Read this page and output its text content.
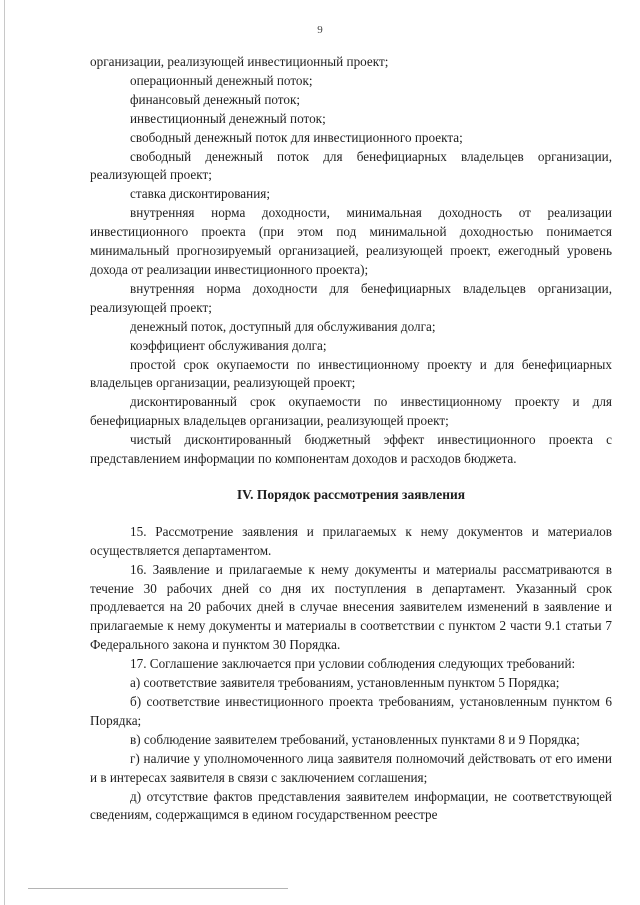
9

организации, реализующей инвестиционный проект;

операционный денежный поток;

финансовый денежный поток;

инвестиционный денежный поток;

свободный денежный поток для инвестиционного проекта;

свободный денежный поток для бенефициарных владельцев организации, реализующей проект;

ставка дисконтирования;

внутренняя норма доходности, минимальная доходность от реализации инвестиционного проекта (при этом под минимальной доходностью понимается минимальный прогнозируемый организацией, реализующей проект, ежегодный уровень дохода от реализации инвестиционного проекта);

внутренняя норма доходности для бенефициарных владельцев организации, реализующей проект;

денежный поток, доступный для обслуживания долга;

коэффициент обслуживания долга;

простой срок окупаемости по инвестиционному проекту и для бенефициарных владельцев организации, реализующей проект;

дисконтированный срок окупаемости по инвестиционному проекту и для бенефициарных владельцев организации, реализующей проект;

чистый дисконтированный бюджетный эффект инвестиционного проекта с представлением информации по компонентам доходов и расходов бюджета.

IV. Порядок рассмотрения заявления

15. Рассмотрение заявления и прилагаемых к нему документов и материалов осуществляется департаментом.

16. Заявление и прилагаемые к нему документы и материалы рассматриваются в течение 30 рабочих дней со дня их поступления в департамент. Указанный срок продлевается на 20 рабочих дней в случае внесения заявителем изменений в заявление и прилагаемые к нему документы и материалы в соответствии с пунктом 2 части 9.1 статьи 7 Федерального закона и пунктом 30 Порядка.

17. Соглашение заключается при условии соблюдения следующих требований:

а) соответствие заявителя требованиям, установленным пунктом 5 Порядка;

б) соответствие инвестиционного проекта требованиям, установленным пунктом 6 Порядка;

в) соблюдение заявителем требований, установленных пунктами 8 и 9 Порядка;

г) наличие у уполномоченного лица заявителя полномочий действовать от его имени и в интересах заявителя в связи с заключением соглашения;

д) отсутствие фактов представления заявителем информации, не соответствующей сведениям, содержащимся в едином государственном реестре
